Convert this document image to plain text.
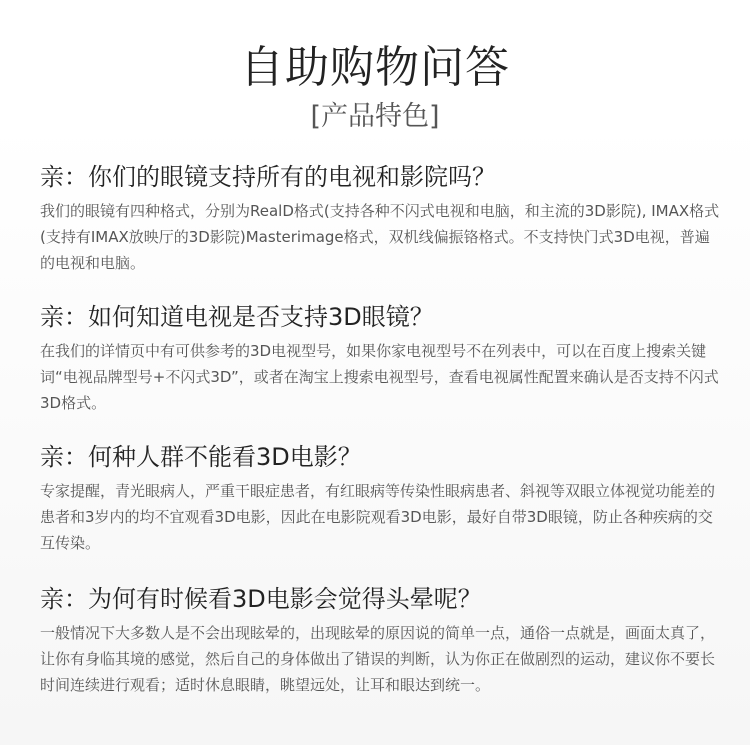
自助购物问答
[产品特色]

亲：你们的眼镜支持所有的电视和影院吗？

我们的眼镜有四种格式，分别为RealD格式(支持各种不闪式电视和电脑，和主流的3D影院), IMAX格式 (支持有IMAX放映厅的3D影院)Masterimage格式，双机线偏振铬格式。不支持快门式3D电视，普遍的电视和电脑。

亲：如何知道电视是否支持3D眼镜？

在我们的详情页中有可供参考的3D电视型号，如果你家电视型号不在列表中，可以在百度上搜索关键词“电视品牌型号+不闪式3D”，或者在淘宝上搜索电视型号，查看电视属性配置来确认是否支持不闪式3D格式。

亲：何种人群不能看3D电影？

专家提醒，青光眼病人，严重干眼症患者，有红眼病等传染性眼病患者、斜视等双眼立体视觉功能差的患者和3岁内的均不宜观看3D电影，因此在电影院观看3D电影，最好自带3D眼镜，防止各种疾病的交互传染。

亲：为何有时候看3D电影会觉得头晕呢？

一般情况下大多数人是不会出现眩晕的，出现眩晕的原因说的简单一点，通俗一点就是，画面太真了，让你有身临其境的感觉，然后自己的身体做出了错误的判断，认为你正在做剧烈的运动，建议你不要长时间连续进行观看；适时休息眼睛，眺望远处，让耳和眼达到统一。
